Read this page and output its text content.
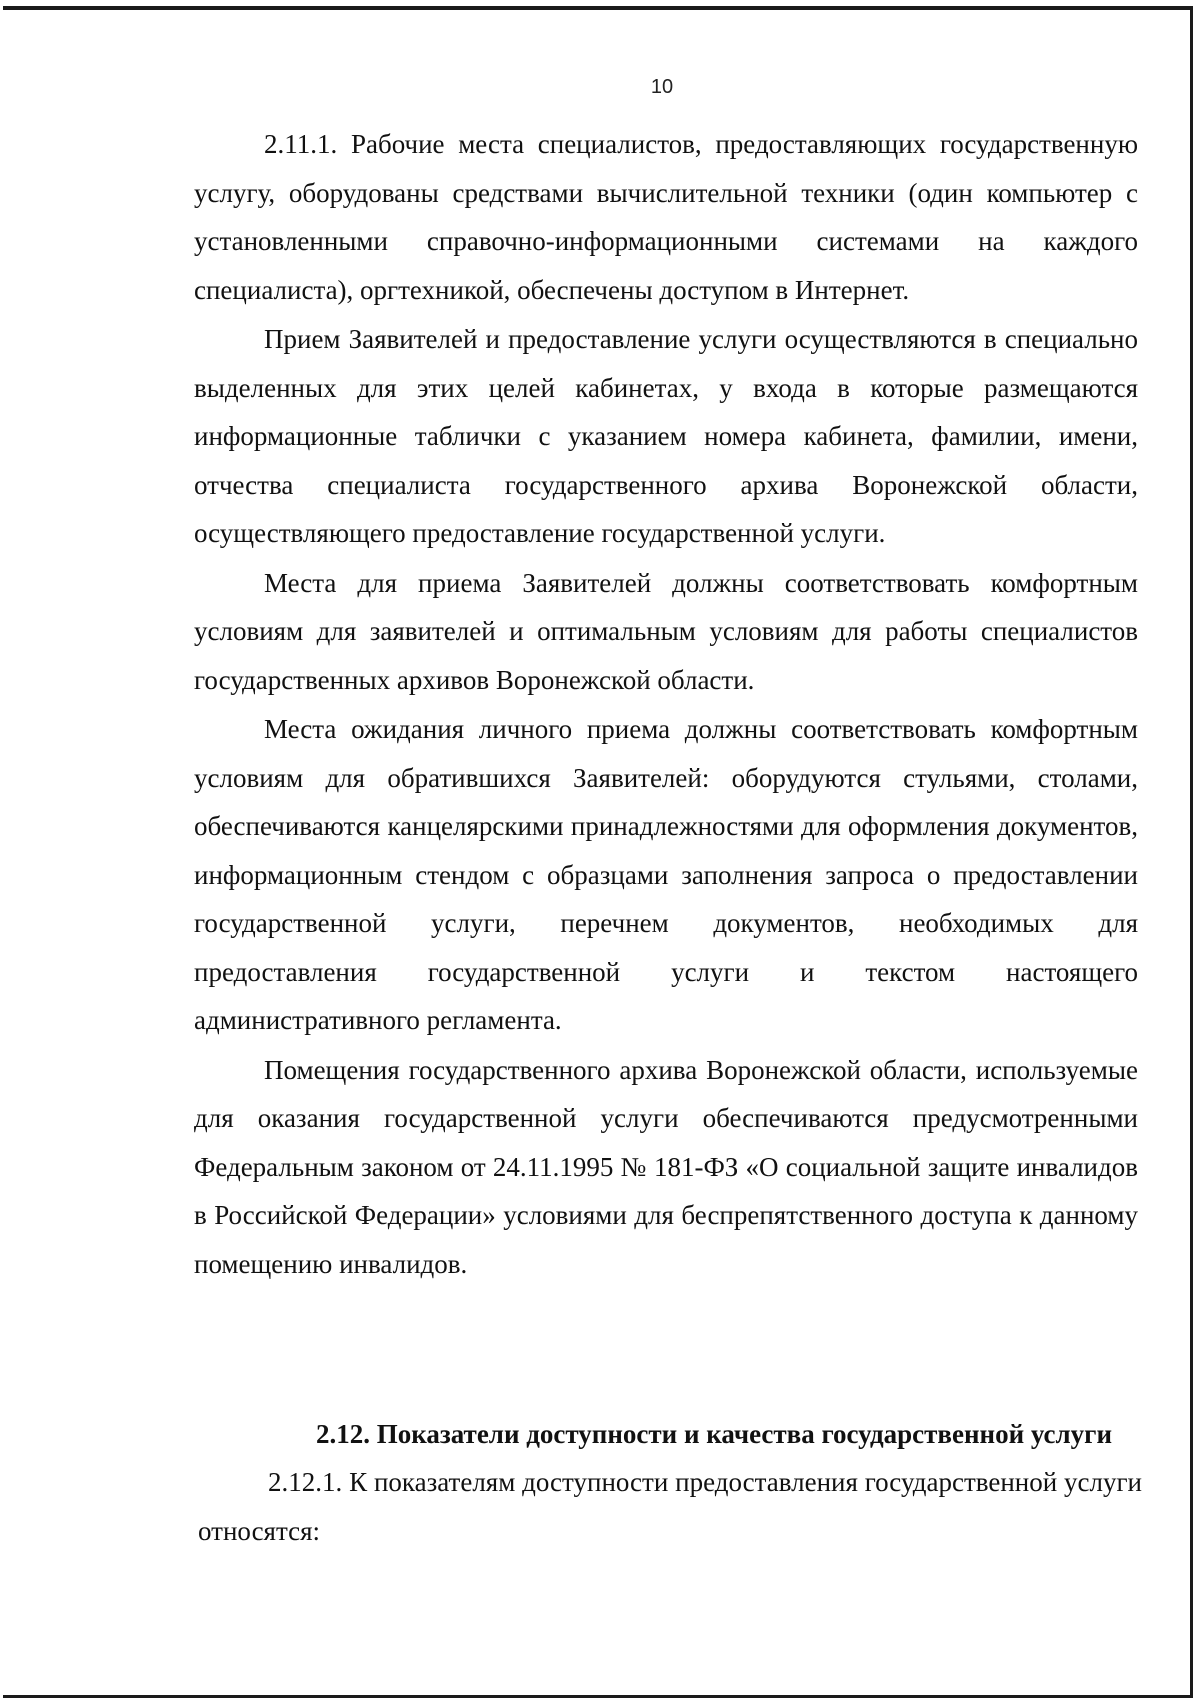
10

2.11.1. Рабочие места специалистов, предоставляющих государственную услугу, оборудованы средствами вычислительной техники (один компьютер с установленными справочно-информационными системами на каждого специалиста), оргтехникой, обеспечены доступом в Интернет.

Прием Заявителей и предоставление услуги осуществляются в специально выделенных для этих целей кабинетах, у входа в которые размещаются информационные таблички с указанием номера кабинета, фамилии, имени, отчества специалиста государственного архива Воронежской области, осуществляющего предоставление государственной услуги.

Места для приема Заявителей должны соответствовать комфортным условиям для заявителей и оптимальным условиям для работы специалистов государственных архивов Воронежской области.

Места ожидания личного приема должны соответствовать комфортным условиям для обратившихся Заявителей: оборудуются стульями, столами, обеспечиваются канцелярскими принадлежностями для оформления документов, информационным стендом с образцами заполнения запроса о предоставлении государственной услуги, перечнем документов, необходимых для предоставления государственной услуги и текстом настоящего административного регламента.

Помещения государственного архива Воронежской области, используемые для оказания государственной услуги обеспечиваются предусмотренными Федеральным законом от 24.11.1995 № 181-ФЗ «О социальной защите инвалидов в Российской Федерации» условиями для беспрепятственного доступа к данному помещению инвалидов.

2.12. Показатели доступности и качества государственной услуги

2.12.1. К показателям доступности предоставления государственной услуги относятся:
